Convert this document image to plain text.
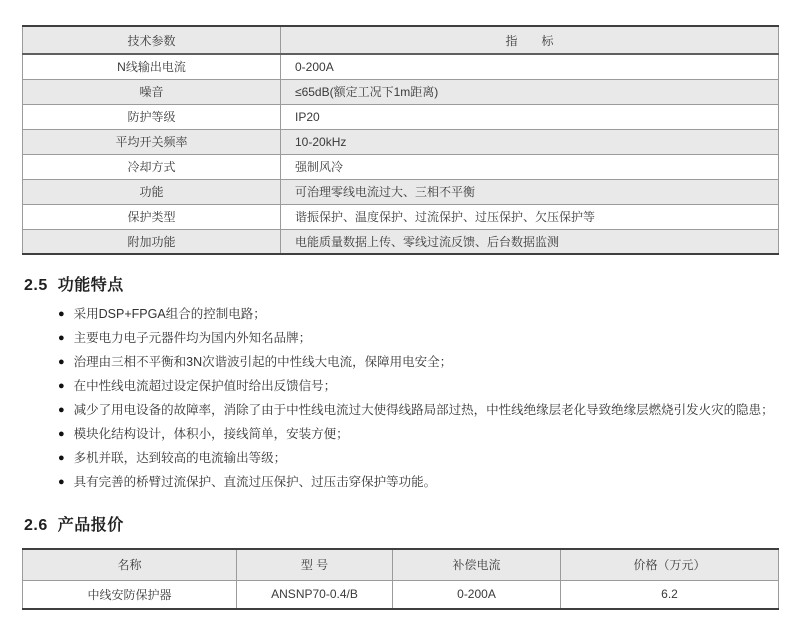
技术参数	指　　标
N线输出电流	0-200A
噪音	≤65dB(额定工况下1m距离)
防护等级	IP20
平均开关频率	10-20kHz
冷却方式	强制风冷
功能	可治理零线电流过大、三相不平衡
保护类型	谐振保护、温度保护、过流保护、过压保护、欠压保护等
附加功能	电能质量数据上传、零线过流反馈、后台数据监测
2.5 功能特点
● 采用DSP+FPGA组合的控制电路；
● 主要电力电子元器件均为国内外知名品牌；
● 治理由三相不平衡和3N次谐波引起的中性线大电流，保障用电安全；
● 在中性线电流超过设定保护值时给出反馈信号；
● 减少了用电设备的故障率，消除了由于中性线电流过大使得线路局部过热，中性线绝缘层老化导致绝缘层燃烧引发火灾的隐患；
● 模块化结构设计，体积小，接线简单，安装方便；
● 多机并联，达到较高的电流输出等级；
● 具有完善的桥臂过流保护、直流过压保护、过压击穿保护等功能。
2.6 产品报价
名称	型 号	补偿电流	价格（万元）
中线安防保护器	ANSNP70-0.4/B	0-200A	6.2
